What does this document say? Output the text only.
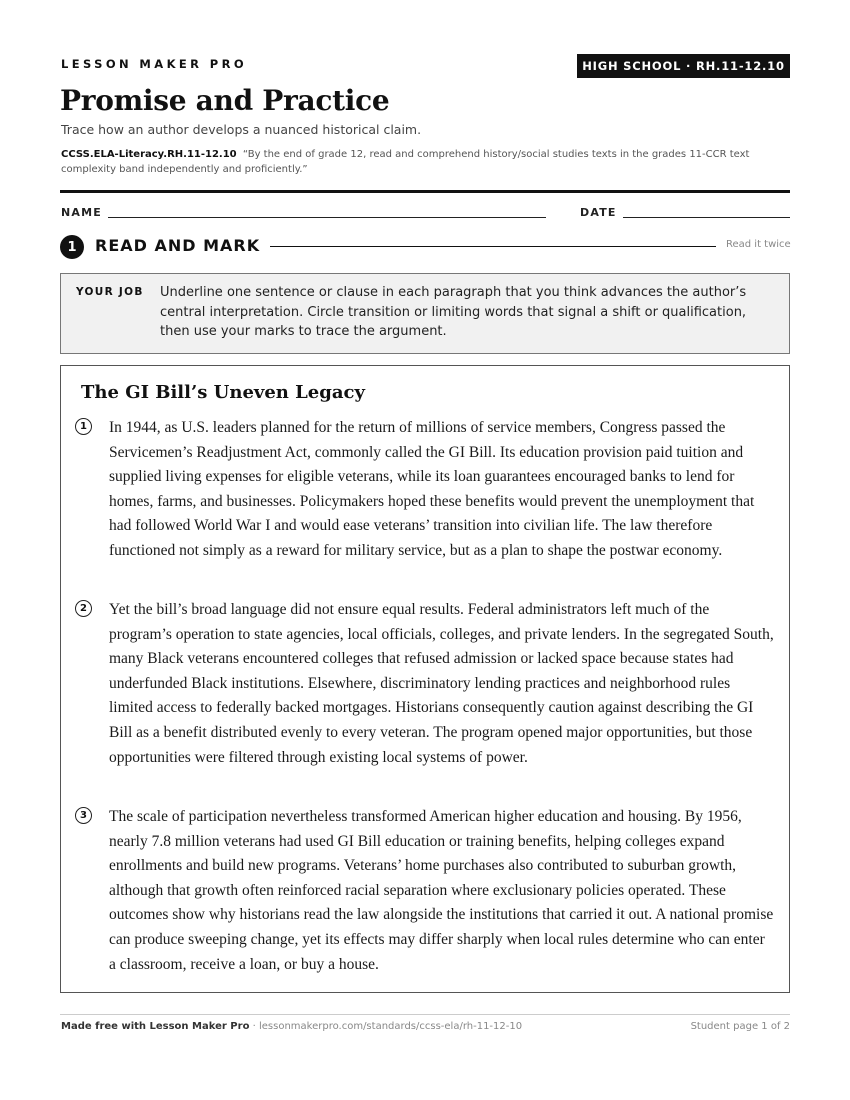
LESSON MAKER PRO	HIGH SCHOOL · RH.11-12.10
Promise and Practice
Trace how an author develops a nuanced historical claim.
CCSS.ELA-Literacy.RH.11-12.10 “By the end of grade 12, read and comprehend history/social studies texts in the grades 11-CCR text complexity band independently and proficiently.”
NAME	DATE
1	READ AND MARK	Read it twice
YOUR JOB Underline one sentence or clause in each paragraph that you think advances the author’s central interpretation. Circle transition or limiting words that signal a shift or qualification, then use your marks to trace the argument.
The GI Bill’s Uneven Legacy
1	In 1944, as U.S. leaders planned for the return of millions of service members, Congress passed the Servicemen’s Readjustment Act, commonly called the GI Bill. Its education provision paid tuition and supplied living expenses for eligible veterans, while its loan guarantees encouraged banks to lend for homes, farms, and businesses. Policymakers hoped these benefits would prevent the unemployment that had followed World War I and would ease veterans’ transition into civilian life. The law therefore functioned not simply as a reward for military service, but as a plan to shape the postwar economy.

2	Yet the bill’s broad language did not ensure equal results. Federal administrators left much of the program’s operation to state agencies, local officials, colleges, and private lenders. In the segregated South, many Black veterans encountered colleges that refused admission or lacked space because states had underfunded Black institutions. Elsewhere, discriminatory lending practices and neighborhood rules limited access to federally backed mortgages. Historians consequently caution against describing the GI Bill as a benefit distributed evenly to every veteran. The program opened major opportunities, but those opportunities were filtered through existing local systems of power.

3	The scale of participation nevertheless transformed American higher education and housing. By 1956, nearly 7.8 million veterans had used GI Bill education or training benefits, helping colleges expand enrollments and build new programs. Veterans’ home purchases also contributed to suburban growth, although that growth often reinforced racial separation where exclusionary policies operated. These outcomes show why historians read the law alongside the institutions that carried it out. A national promise can produce sweeping change, yet its effects may differ sharply when local rules determine who can enter a classroom, receive a loan, or buy a house.

Made free with Lesson Maker Pro · lessonmakerpro.com/standards/ccss-ela/rh-11-12-10	Student page 1 of 2
